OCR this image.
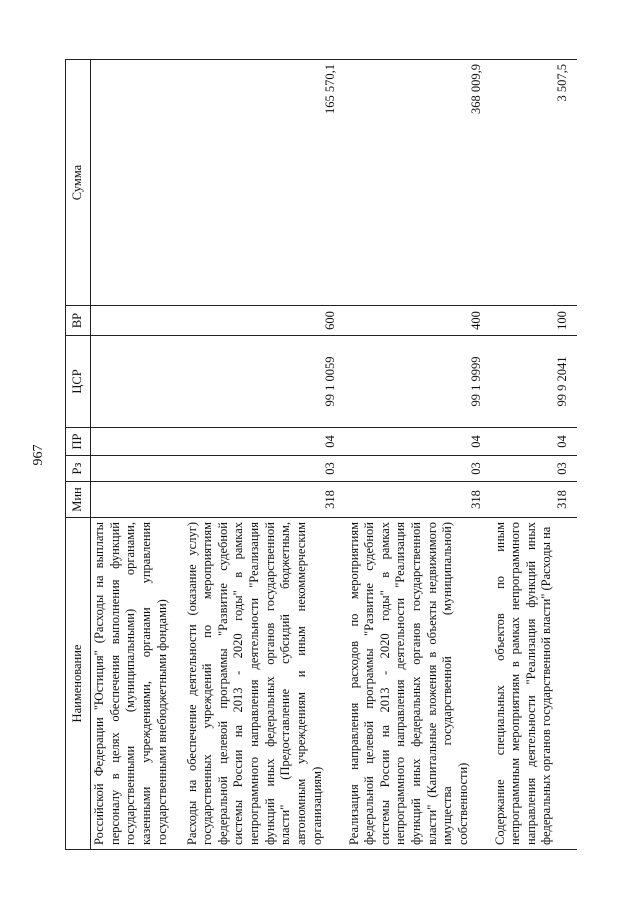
967
Наименование	Мин	Рз	ПР	ЦСР	ВР	Сумма
Российской Федерации "Юстиция" (Расходы на выплаты персоналу в целях обеспечения выполнения функций государственными (муниципальными) органами, казенными учреждениями, органами управления государственными внебюджетными фондами)						
Расходы на обеспечение деятельности (оказание услуг) государственных учреждений по мероприятиям федеральной целевой программы "Развитие судебной системы России на 2013 - 2020 годы" в рамках непрограммного направления деятельности "Реализация функций иных федеральных органов государственной власти" (Предоставление субсидий бюджетным, автономным учреждениям и иным некоммерческим организациям)	318	03	04	99 1 0059	600	165 570,1
Реализация направления расходов по мероприятиям федеральной целевой программы "Развитие судебной системы России на 2013 - 2020 годы" в рамках непрограммного направления деятельности "Реализация функций иных федеральных органов государственной власти" (Капитальные вложения в объекты недвижимого имущества государственной (муниципальной) собственности)	318	03	04	99 1 9999	400	368 009,9
Содержание специальных объектов по иным непрограммным мероприятиям в рамках непрограммного направления деятельности "Реализация функций иных федеральных органов государственной власти" (Расходы на	318	03	04	99 9 2041	100	3 507,5
